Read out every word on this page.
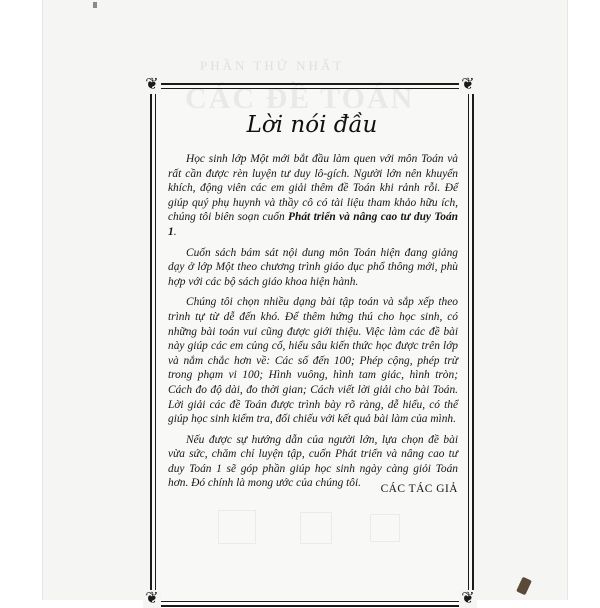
PHẦN THỨ NHẤT
CÁC ĐỀ TOÁN
❦	❦
❦	❦
Lời nói đầu

Học sinh lớp Một mới bắt đầu làm quen với môn Toán và rất cần được rèn luyện tư duy lô-gích. Người lớn nên khuyến khích, động viên các em giải thêm đề Toán khi rảnh rỗi. Để giúp quý phụ huynh và thầy cô có tài liệu tham khảo hữu ích, chúng tôi biên soạn cuốn Phát triển và nâng cao tư duy Toán 1.

Cuốn sách bám sát nội dung môn Toán hiện đang giảng dạy ở lớp Một theo chương trình giáo dục phổ thông mới, phù hợp với các bộ sách giáo khoa hiện hành.

Chúng tôi chọn nhiều dạng bài tập toán và sắp xếp theo trình tự từ dễ đến khó. Để thêm hứng thú cho học sinh, có những bài toán vui cũng được giới thiệu. Việc làm các đề bài này giúp các em củng cố, hiểu sâu kiến thức học được trên lớp và nắm chắc hơn về: Các số đến 100; Phép cộng, phép trừ trong phạm vi 100; Hình vuông, hình tam giác, hình tròn; Cách đo độ dài, đo thời gian; Cách viết lời giải cho bài Toán. Lời giải các đề Toán được trình bày rõ ràng, dễ hiểu, có thể giúp học sinh kiểm tra, đối chiếu với kết quả bài làm của mình.

Nếu được sự hướng dẫn của người lớn, lựa chọn đề bài vừa sức, chăm chỉ luyện tập, cuốn Phát triển và nâng cao tư duy Toán 1 sẽ góp phần giúp học sinh ngày càng giỏi Toán hơn. Đó chính là mong ước của chúng tôi.	CÁC TÁC GIẢ
